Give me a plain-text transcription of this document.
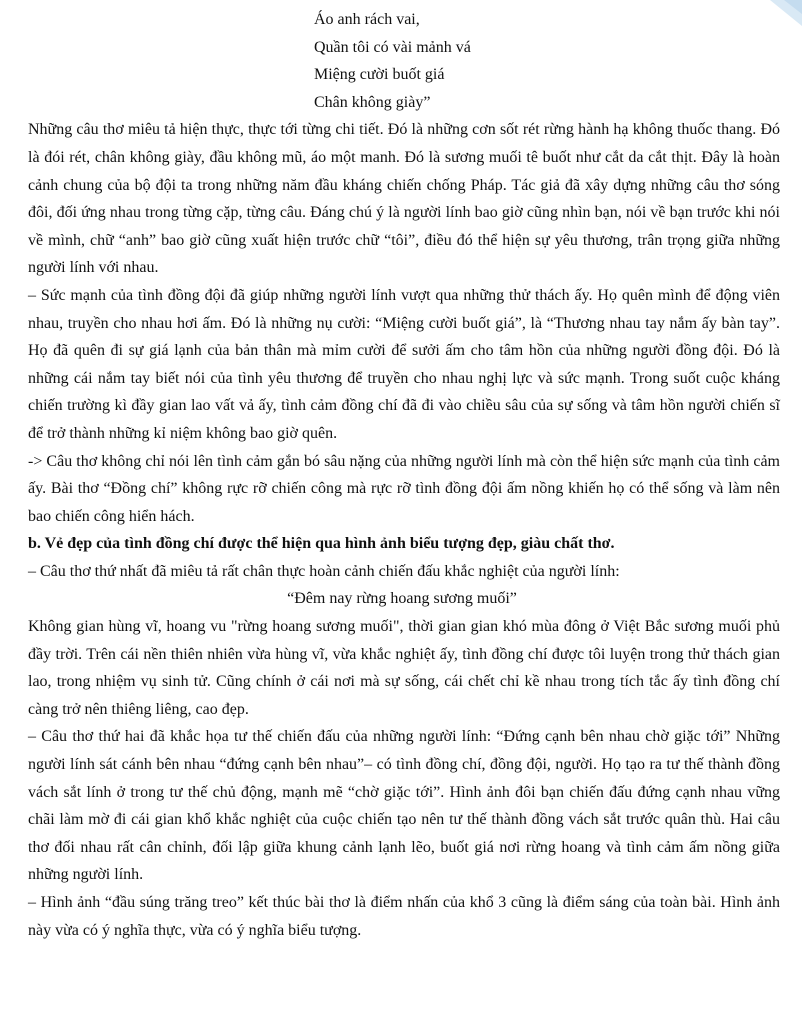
Áo anh rách vai,
Quần tôi có vài mảnh vá
Miệng cười buốt giá
Chân không giày”

Những câu thơ miêu tả hiện thực, thực tới từng chi tiết. Đó là những cơn sốt rét rừng hành hạ không thuốc thang. Đó là đói rét, chân không giày, đầu không mũ, áo một manh. Đó là sương muối tê buốt như cắt da cắt thịt. Đây là hoàn cảnh chung của bộ đội ta trong những năm đầu kháng chiến chống Pháp. Tác giả đã xây dựng những câu thơ sóng đôi, đối ứng nhau trong từng cặp, từng câu. Đáng chú ý là người lính bao giờ cũng nhìn bạn, nói về bạn trước khi nói về mình, chữ “anh” bao giờ cũng xuất hiện trước chữ “tôi”, điều đó thể hiện sự yêu thương, trân trọng giữa những người lính với nhau.

– Sức mạnh của tình đồng đội đã giúp những người lính vượt qua những thử thách ấy. Họ quên mình để động viên nhau, truyền cho nhau hơi ấm. Đó là những nụ cười: “Miệng cười buốt giá”, là “Thương nhau tay nắm ấy bàn tay”. Họ đã quên đi sự giá lạnh của bản thân mà mỉm cười để sưởi ấm cho tâm hồn của những người đồng đội. Đó là những cái nắm tay biết nói của tình yêu thương để truyền cho nhau nghị lực và sức mạnh. Trong suốt cuộc kháng chiến trường kì đầy gian lao vất vả ấy, tình cảm đồng chí đã đi vào chiều sâu của sự sống và tâm hồn người chiến sĩ để trở thành những kỉ niệm không bao giờ quên.

-> Câu thơ không chỉ nói lên tình cảm gắn bó sâu nặng của những người lính mà còn thể hiện sức mạnh của tình cảm ấy. Bài thơ “Đồng chí” không rực rỡ chiến công mà rực rỡ tình đồng đội ấm nồng khiến họ có thể sống và làm nên bao chiến công hiển hách.

b. Vẻ đẹp của tình đồng chí được thể hiện qua hình ảnh biểu tượng đẹp, giàu chất thơ.

– Câu thơ thứ nhất đã miêu tả rất chân thực hoàn cảnh chiến đấu khắc nghiệt của người lính:

“Đêm nay rừng hoang sương muối”

Không gian hùng vĩ, hoang vu "rừng hoang sương muối", thời gian gian khó mùa đông ở Việt Bắc sương muối phủ đầy trời. Trên cái nền thiên nhiên vừa hùng vĩ, vừa khắc nghiệt ấy, tình đồng chí được tôi luyện trong thử thách gian lao, trong nhiệm vụ sinh tử. Cũng chính ở cái nơi mà sự sống, cái chết chỉ kề nhau trong tích tắc ấy tình đồng chí càng trở nên thiêng liêng, cao đẹp.

– Câu thơ thứ hai đã khắc họa tư thế chiến đấu của những người lính: “Đứng cạnh bên nhau chờ giặc tới” Những người lính sát cánh bên nhau “đứng cạnh bên nhau”– có tình đồng chí, đồng đội, người. Họ tạo ra tư thế thành đồng vách sắt lính ở trong tư thế chủ động, mạnh mẽ “chờ giặc tới”. Hình ảnh đôi bạn chiến đấu đứng cạnh nhau vững chãi làm mờ đi cái gian khổ khắc nghiệt của cuộc chiến tạo nên tư thế thành đồng vách sắt trước quân thù. Hai câu thơ đối nhau rất cân chỉnh, đối lập giữa khung cảnh lạnh lẽo, buốt giá nơi rừng hoang và tình cảm ấm nồng giữa những người lính.

– Hình ảnh “đầu súng trăng treo” kết thúc bài thơ là điểm nhấn của khổ 3 cũng là điểm sáng của toàn bài. Hình ảnh này vừa có ý nghĩa thực, vừa có ý nghĩa biểu tượng.
